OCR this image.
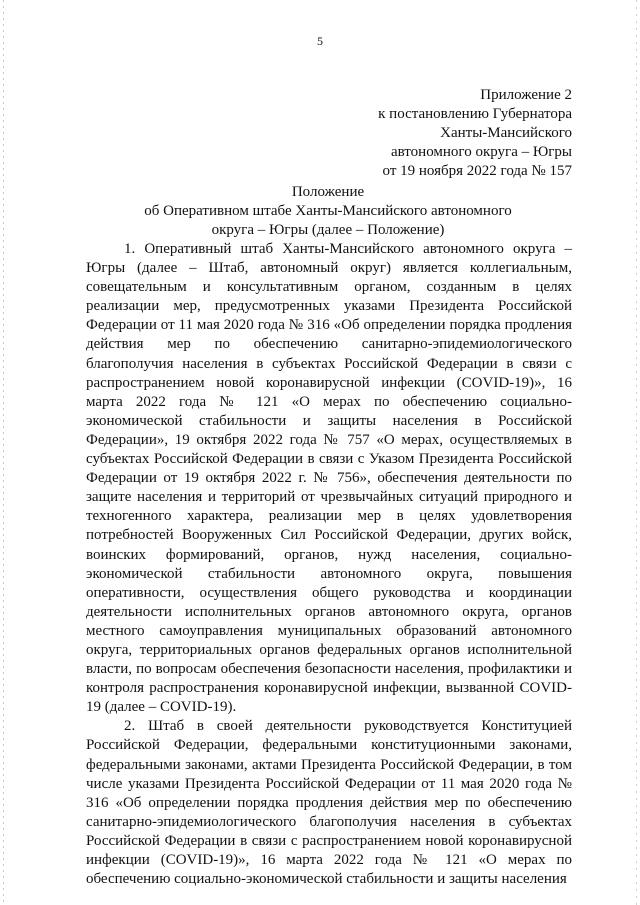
5
Приложение 2
к постановлению Губернатора
Ханты-Мансийского
автономного округа – Югры
от 19 ноября 2022 года № 157
Положение
об Оперативном штабе Ханты-Мансийского автономного
округа – Югры (далее – Положение)

1. Оперативный штаб Ханты-Мансийского автономного округа – Югры (далее – Штаб, автономный округ) является коллегиальным, совещательным и консультативным органом, созданным в целях реализации мер, предусмотренных указами Президента Российской Федерации от 11 мая 2020 года № 316 «Об определении порядка продления действия мер по обеспечению санитарно-эпидемиологического благополучия населения в субъектах Российской Федерации в связи с распространением новой коронавирусной инфекции (COVID-19)», 16 марта 2022 года № 121 «О мерах по обеспечению социально-экономической стабильности и защиты населения в Российской Федерации», 19 октября 2022 года № 757 «О мерах, осуществляемых в субъектах Российской Федерации в связи с Указом Президента Российской Федерации от 19 октября 2022 г. № 756», обеспечения деятельности по защите населения и территорий от чрезвычайных ситуаций природного и техногенного характера, реализации мер в целях удовлетворения потребностей Вооруженных Сил Российской Федерации, других войск, воинских формирований, органов, нужд населения, социально-экономической стабильности автономного округа, повышения оперативности, осуществления общего руководства и координации деятельности исполнительных органов автономного округа, органов местного самоуправления муниципальных образований автономного округа, территориальных органов федеральных органов исполнительной власти, по вопросам обеспечения безопасности населения, профилактики и контроля распространения коронавирусной инфекции, вызванной COVID-19 (далее – COVID-19).

2. Штаб в своей деятельности руководствуется Конституцией Российской Федерации, федеральными конституционными законами, федеральными законами, актами Президента Российской Федерации, в том числе указами Президента Российской Федерации от 11 мая 2020 года № 316 «Об определении порядка продления действия мер по обеспечению санитарно-эпидемиологического благополучия населения в субъектах Российской Федерации в связи с распространением новой коронавирусной инфекции (COVID-19)», 16 марта 2022 года № 121 «О мерах по обеспечению социально-экономической стабильности и защиты населения
